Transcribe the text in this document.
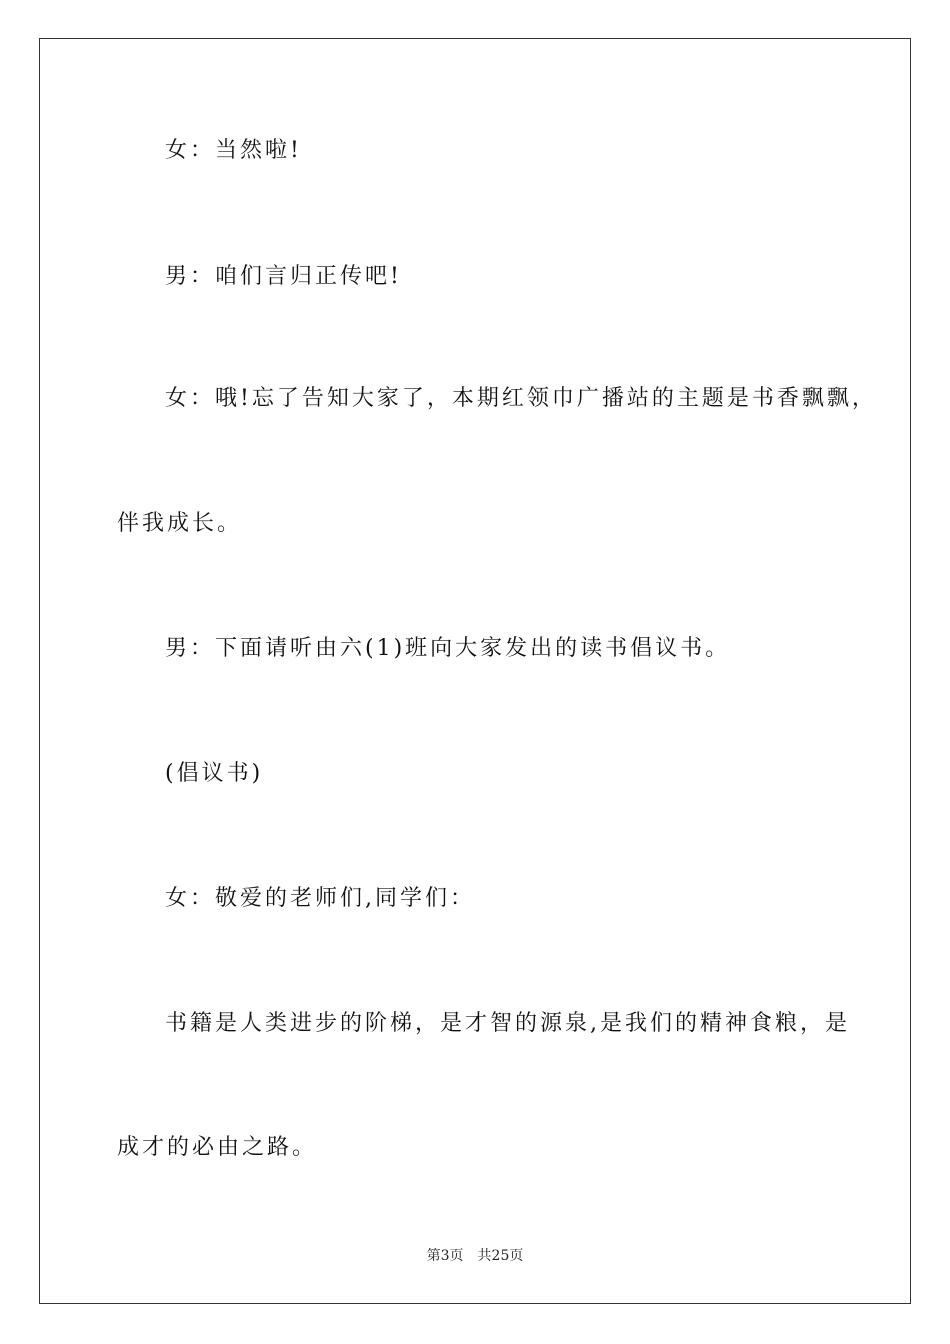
女：当然啦!
男：咱们言归正传吧!
女：哦!忘了告知大家了，本期红领巾广播站的主题是书香飘飘，
伴我成长。
男：下面请听由六(1)班向大家发出的读书倡议书。
(倡议书)
女：敬爱的老师们,同学们：
书籍是人类进步的阶梯，是才智的源泉,是我们的精神食粮，是
成才的必由之路。
第3页 共25页
